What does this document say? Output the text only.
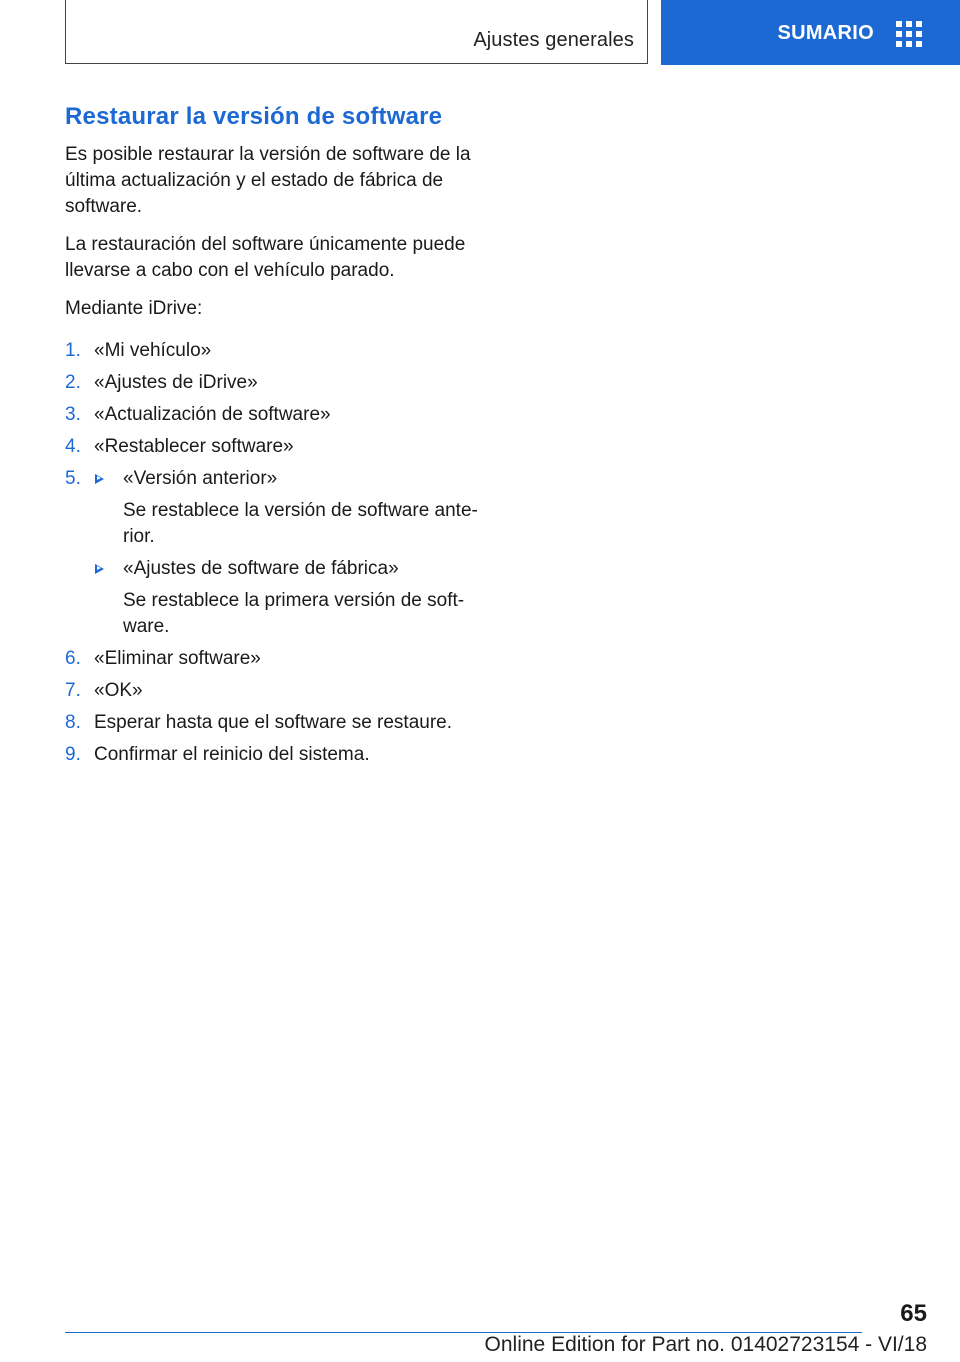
Ajustes generales	SUMARIO
Restaurar la versión de software

Es posible restaurar la versión de software de la última actualización y el estado de fábrica de software.

La restauración del software únicamente puede llevarse a cabo con el vehículo parado.

Mediante iDrive:

1. «Mi vehículo»
2. «Ajustes de iDrive»
3. «Actualización de software»
4. «Restablecer software»
5.	«Versión anterior»
Se restablece la versión de software anterior.
«Ajustes de software de fábrica»
Se restablece la primera versión de software.
6. «Eliminar software»
7. «OK»
8. Esperar hasta que el software se restaure.
9. Confirmar el reinicio del sistema.
65
Online Edition for Part no. 01402723154 - VI/18
